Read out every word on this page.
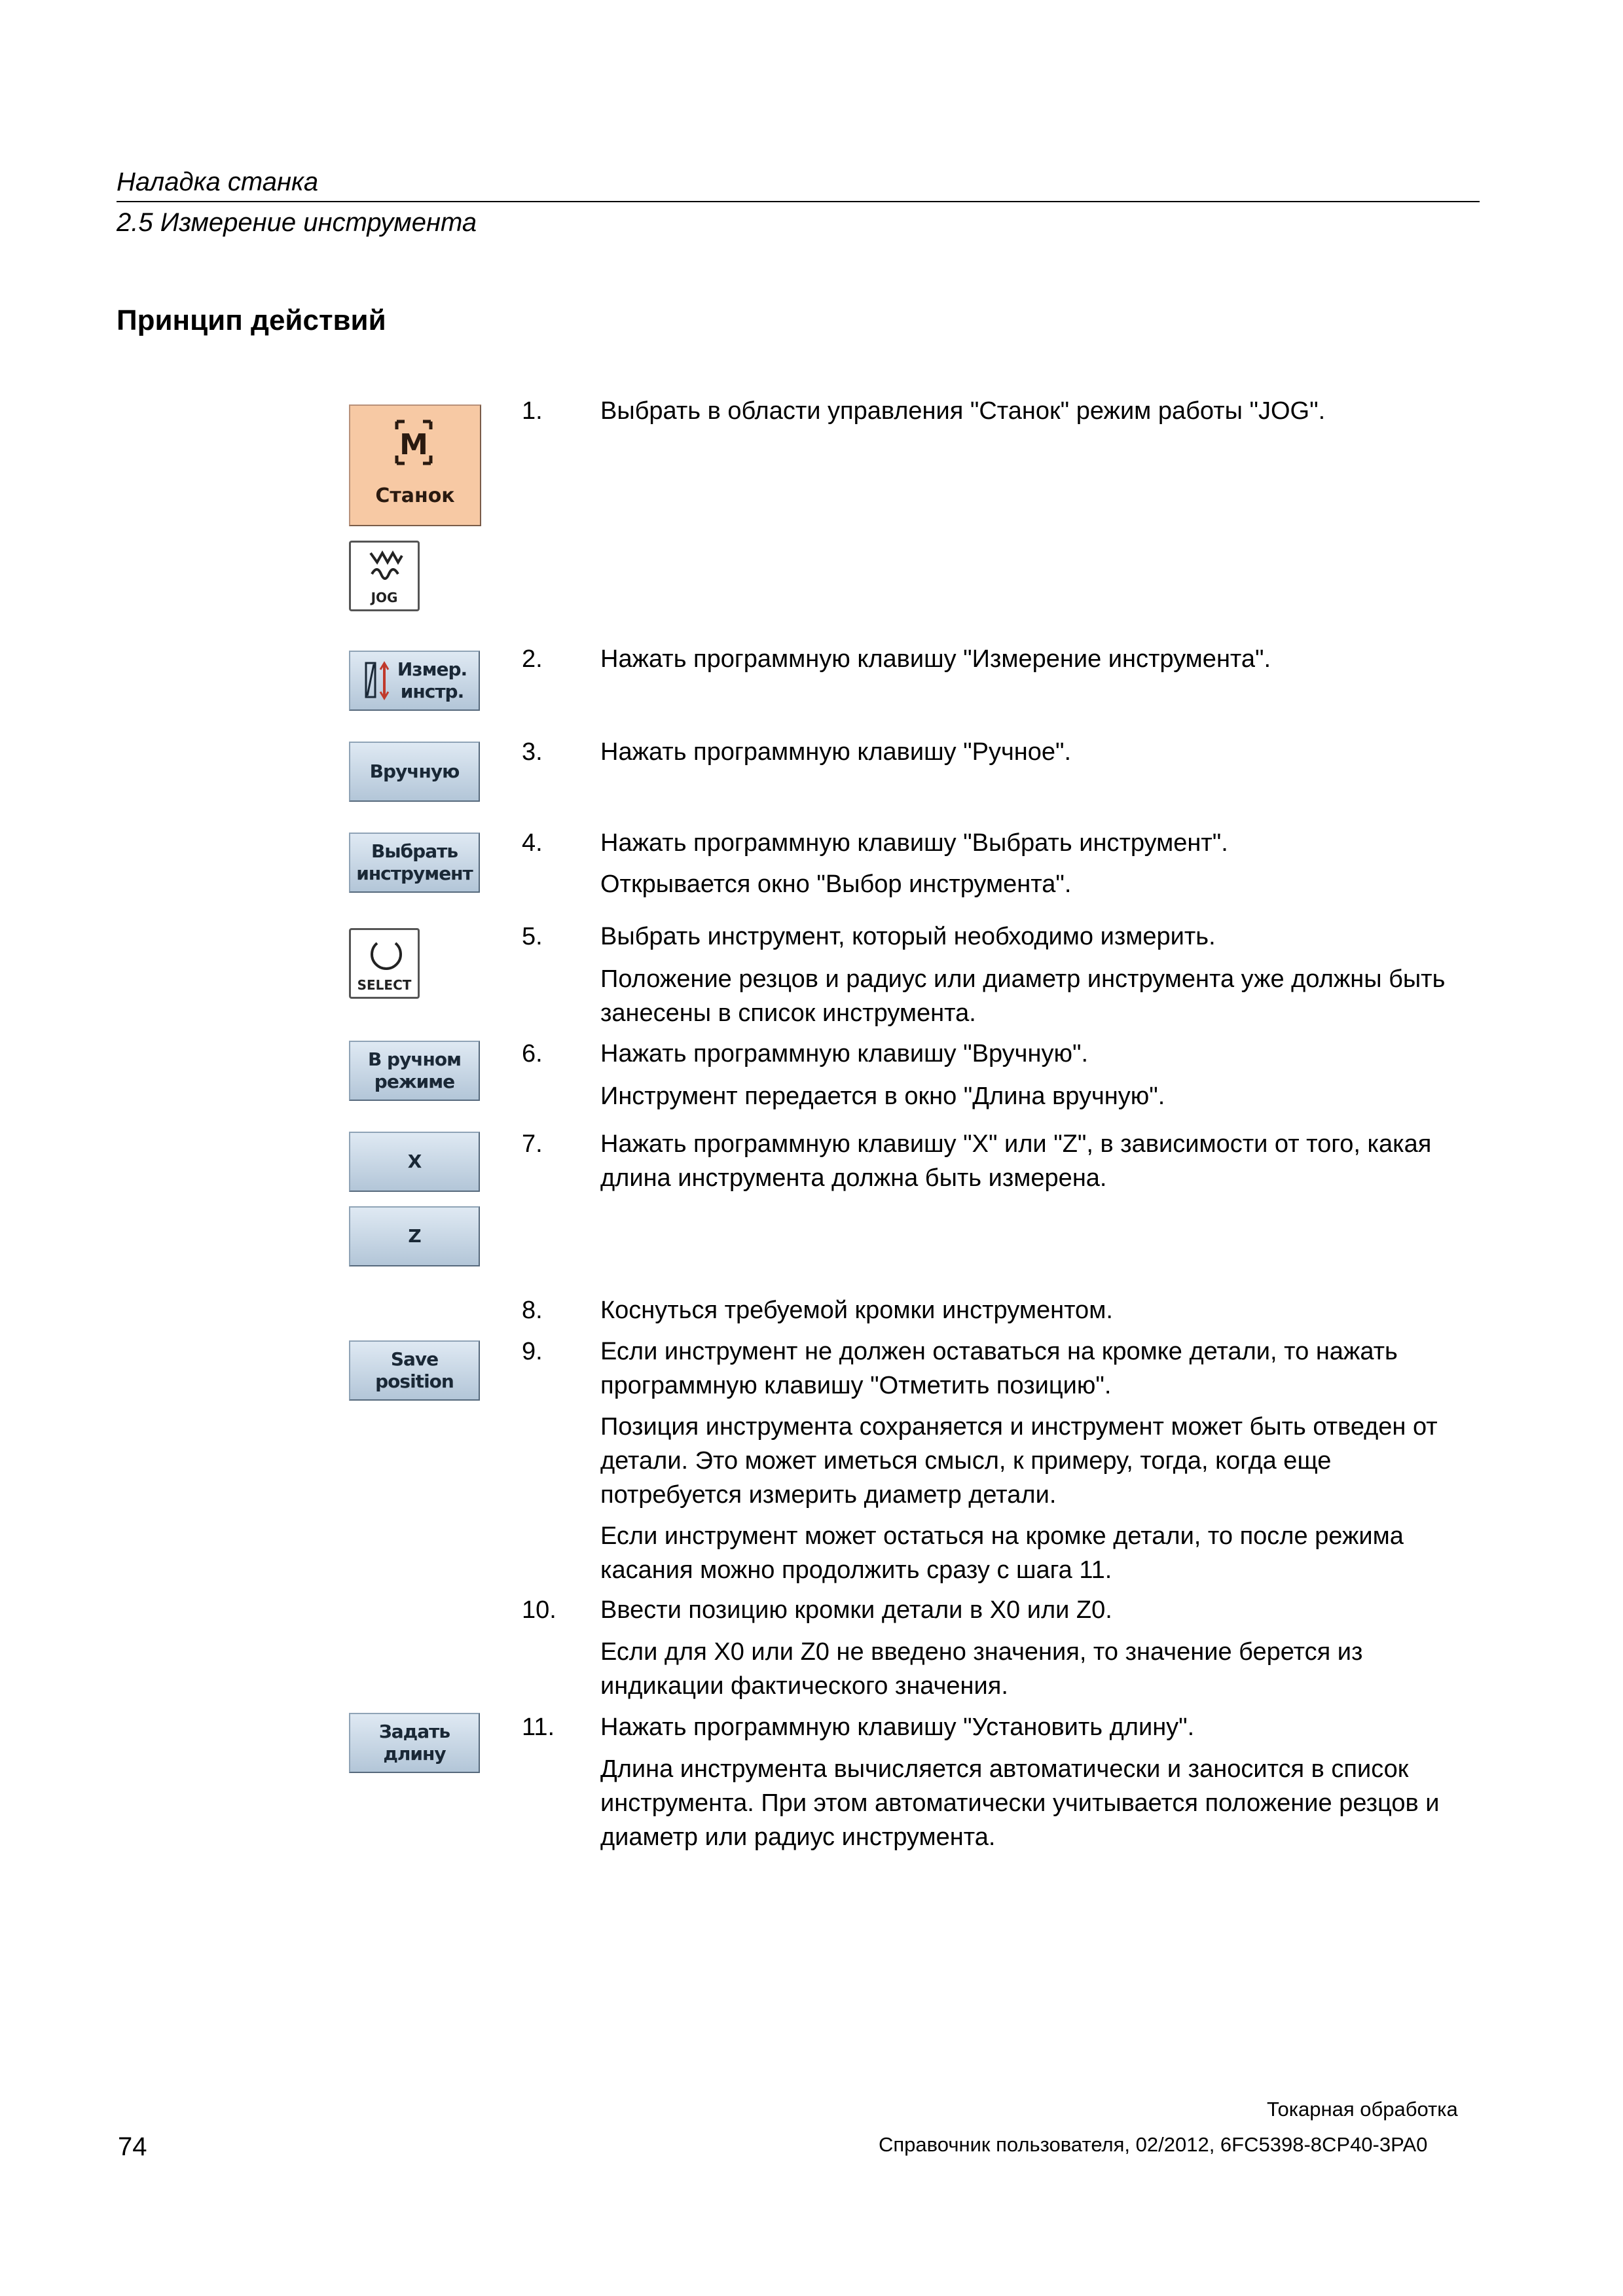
Наладка станка
2.5 Измерение инструмента
Принцип действий
M
Станок
JOG
Измер.
инстр.
Вручную
Выбрать
инструмент
SELECT
В ручном
режиме
X
Z
Save
position
Задать
длину
1.	Выбрать в области управления "Станок" режим работы "JOG".
2.	Нажать программную клавишу "Измерение инструмента".
3.	Нажать программную клавишу "Ручное".
4.	Нажать программную клавишу "Выбрать инструмент".
Открывается окно "Выбор инструмента".
5.	Выбрать инструмент, который необходимо измерить.
Положение резцов и радиус или диаметр инструмента уже должны быть занесены в список инструмента.
6.	Нажать программную клавишу "Вручную".
Инструмент передается в окно "Длина вручную".
7.	Нажать программную клавишу "X" или "Z", в зависимости от того, какая длина инструмента должна быть измерена.
8.	Коснуться требуемой кромки инструментом.
9.	Если инструмент не должен оставаться на кромке детали, то нажать программную клавишу "Отметить позицию".
Позиция инструмента сохраняется и инструмент может быть отведен от детали. Это может иметься смысл, к примеру, тогда, когда еще потребуется измерить диаметр детали.
Если инструмент может остаться на кромке детали, то после режима касания можно продолжить сразу с шага 11.
10.	Ввести позицию кромки детали в X0 или Z0.
Если для X0 или Z0 не введено значения, то значение берется из индикации фактического значения.
11.	Нажать программную клавишу "Установить длину".
Длина инструмента вычисляется автоматически и заносится в список инструмента. При этом автоматически учитывается положение резцов и диаметр или радиус инструмента.
Токарная обработка
74	Справочник пользователя, 02/2012, 6FC5398-8CP40-3PA0
